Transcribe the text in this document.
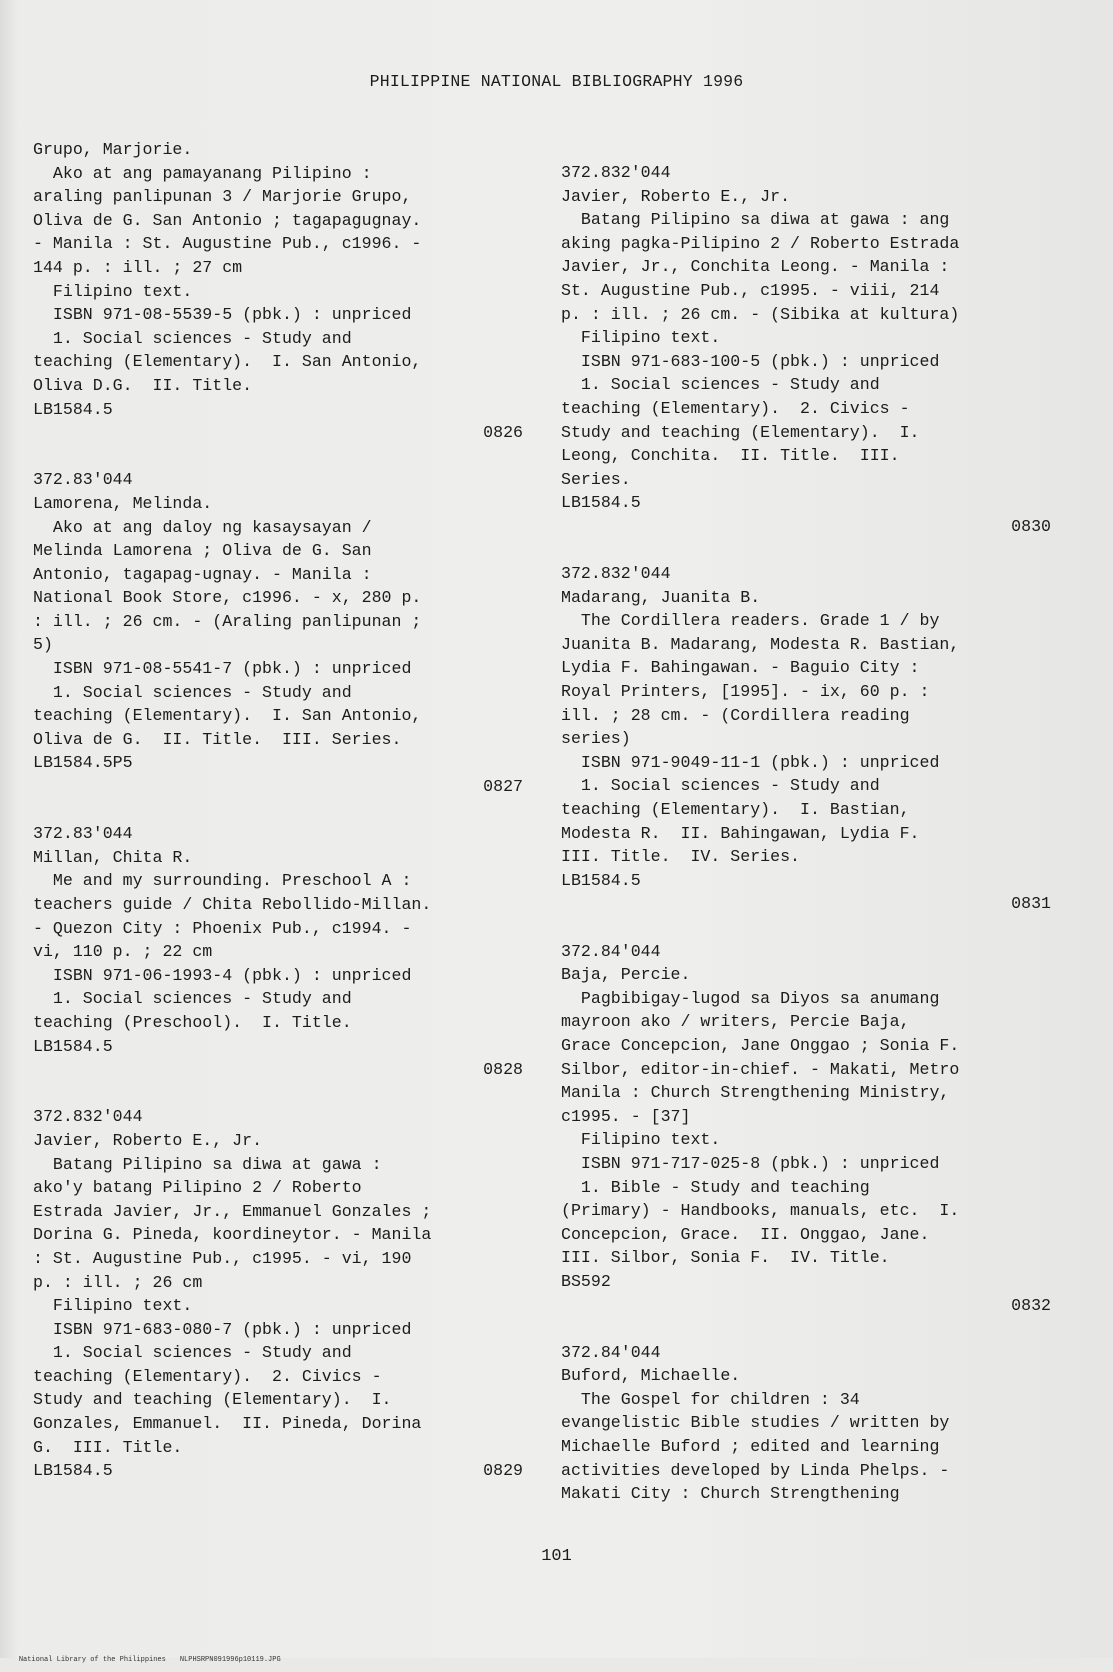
PHILIPPINE NATIONAL BIBLIOGRAPHY 1996
Grupo, Marjorie.
Ako at ang pamayanang Pilipino :
araling panlipunan 3 / Marjorie Grupo,
Oliva de G. San Antonio ; tagapagugnay.
- Manila : St. Augustine Pub., c1996. -
144 p. : ill. ; 27 cm
Filipino text.
ISBN 971-08-5539-5 (pbk.) : unpriced
1. Social sciences - Study and
teaching (Elementary).  I. San Antonio,
Oliva D.G.  II. Title.
LB1584.5
0826
372.83'044
Lamorena, Melinda.
Ako at ang daloy ng kasaysayan /
Melinda Lamorena ; Oliva de G. San
Antonio, tagapag-ugnay. - Manila :
National Book Store, c1996. - x, 280 p.
: ill. ; 26 cm. - (Araling panlipunan ;
5)
ISBN 971-08-5541-7 (pbk.) : unpriced
1. Social sciences - Study and
teaching (Elementary).  I. San Antonio,
Oliva de G.  II. Title.  III. Series.
LB1584.5P5
0827
372.83'044
Millan, Chita R.
Me and my surrounding. Preschool A :
teachers guide / Chita Rebollido-Millan.
- Quezon City : Phoenix Pub., c1994. -
vi, 110 p. ; 22 cm
ISBN 971-06-1993-4 (pbk.) : unpriced
1. Social sciences - Study and
teaching (Preschool).  I. Title.
LB1584.5
0828
372.832'044
Javier, Roberto E., Jr.
Batang Pilipino sa diwa at gawa :
ako'y batang Pilipino 2 / Roberto
Estrada Javier, Jr., Emmanuel Gonzales ;
Dorina G. Pineda, koordineytor. - Manila
: St. Augustine Pub., c1995. - vi, 190
p. : ill. ; 26 cm
Filipino text.
ISBN 971-683-080-7 (pbk.) : unpriced
1. Social sciences - Study and
teaching (Elementary).  2. Civics -
Study and teaching (Elementary).  I.
Gonzales, Emmanuel.  II. Pineda, Dorina
G.  III. Title.
LB1584.5	0829
372.832'044
Javier, Roberto E., Jr.
Batang Pilipino sa diwa at gawa : ang
aking pagka-Pilipino 2 / Roberto Estrada
Javier, Jr., Conchita Leong. - Manila :
St. Augustine Pub., c1995. - viii, 214
p. : ill. ; 26 cm. - (Sibika at kultura)
Filipino text.
ISBN 971-683-100-5 (pbk.) : unpriced
1. Social sciences - Study and
teaching (Elementary).  2. Civics -
Study and teaching (Elementary).  I.
Leong, Conchita.  II. Title.  III.
Series.
LB1584.5
0830
372.832'044
Madarang, Juanita B.
The Cordillera readers. Grade 1 / by
Juanita B. Madarang, Modesta R. Bastian,
Lydia F. Bahingawan. - Baguio City :
Royal Printers, [1995]. - ix, 60 p. :
ill. ; 28 cm. - (Cordillera reading
series)
ISBN 971-9049-11-1 (pbk.) : unpriced
1. Social sciences - Study and
teaching (Elementary).  I. Bastian,
Modesta R.  II. Bahingawan, Lydia F.
III. Title.  IV. Series.
LB1584.5
0831
372.84'044
Baja, Percie.
Pagbibigay-lugod sa Diyos sa anumang
mayroon ako / writers, Percie Baja,
Grace Concepcion, Jane Onggao ; Sonia F.
Silbor, editor-in-chief. - Makati, Metro
Manila : Church Strengthening Ministry,
c1995. - [37]
Filipino text.
ISBN 971-717-025-8 (pbk.) : unpriced
1. Bible - Study and teaching
(Primary) - Handbooks, manuals, etc.  I.
Concepcion, Grace.  II. Onggao, Jane.
III. Silbor, Sonia F.  IV. Title.
BS592
0832
372.84'044
Buford, Michaelle.
The Gospel for children : 34
evangelistic Bible studies / written by
Michaelle Buford ; edited and learning
activities developed by Linda Phelps. -
Makati City : Church Strengthening
101

National Library of the Philippines NLPHSRPN091996p10119.JPG
